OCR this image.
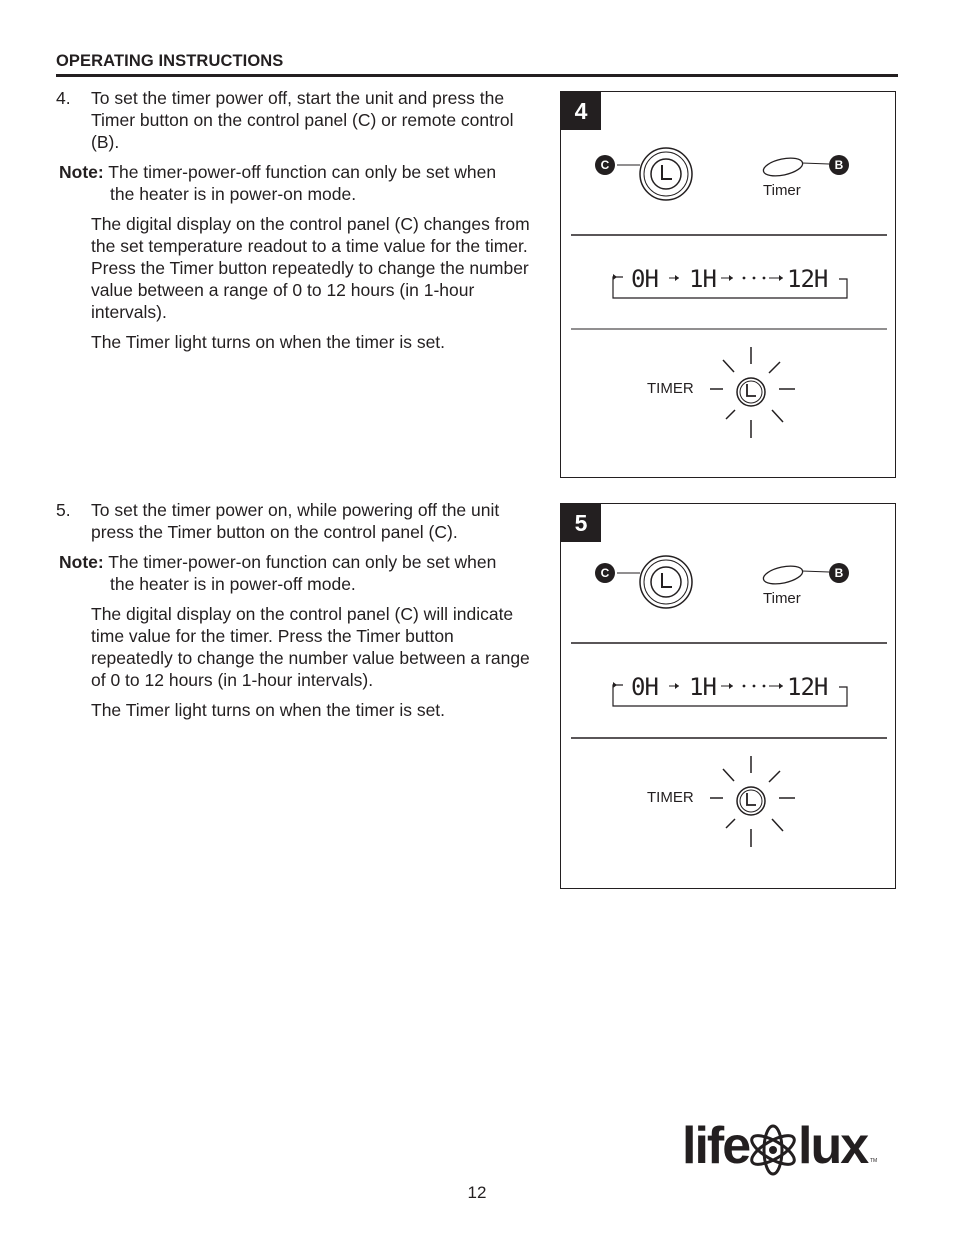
OPERATING INSTRUCTIONS
4.	To set the timer power off, start the unit and press the Timer button on the control panel (C) or remote control (B).
Note: The timer-power-off function can only be set when
the heater is in power-on mode.
The digital display on the control panel (C) changes from the set temperature readout to a time value for the timer. Press the Timer button repeatedly to change the number value between a range of 0 to 12 hours (in 1-hour intervals).
The Timer light turns on when the timer is set.
5.	To set the timer power on, while powering off the unit press the Timer button on the control panel (C).
Note: The timer-power-on function can only be set when
the heater is in power-off mode.
The digital display on the control panel (C) will indicate time value for the timer. Press the Timer button repeatedly to change the number value between a range of 0 to 12 hours (in 1-hour intervals).
The Timer light turns on when the timer is set.
4
C	B
Timer
0H 1H	12H
TIMER
5
C	B
Timer
0H 1H	12H
TIMER
life lux TM
12
